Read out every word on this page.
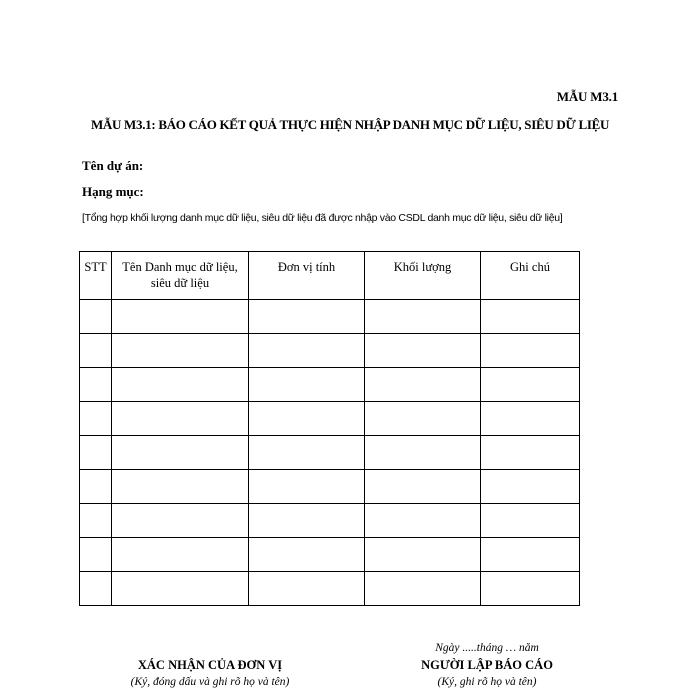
MẪU M3.1
MẪU M3.1: BÁO CÁO KẾT QUẢ THỰC HIỆN NHẬP DANH MỤC DỮ LIỆU, SIÊU DỮ LIỆU
Tên dự án:
Hạng mục:
[Tổng hợp khối lượng danh mục dữ liệu, siêu dữ liệu đã được nhập vào CSDL danh mục dữ liệu, siêu dữ liệu]
STT	Tên Danh mục dữ liệu, siêu dữ liệu	Đơn vị tính	Khối lượng	Ghi chú

XÁC NHẬN CỦA ĐƠN VỊ
(Ký, đóng dấu và ghi rõ họ và tên)
Ngày .....tháng … năm
NGƯỜI LẬP BÁO CÁO
(Ký, ghi rõ họ và tên)
